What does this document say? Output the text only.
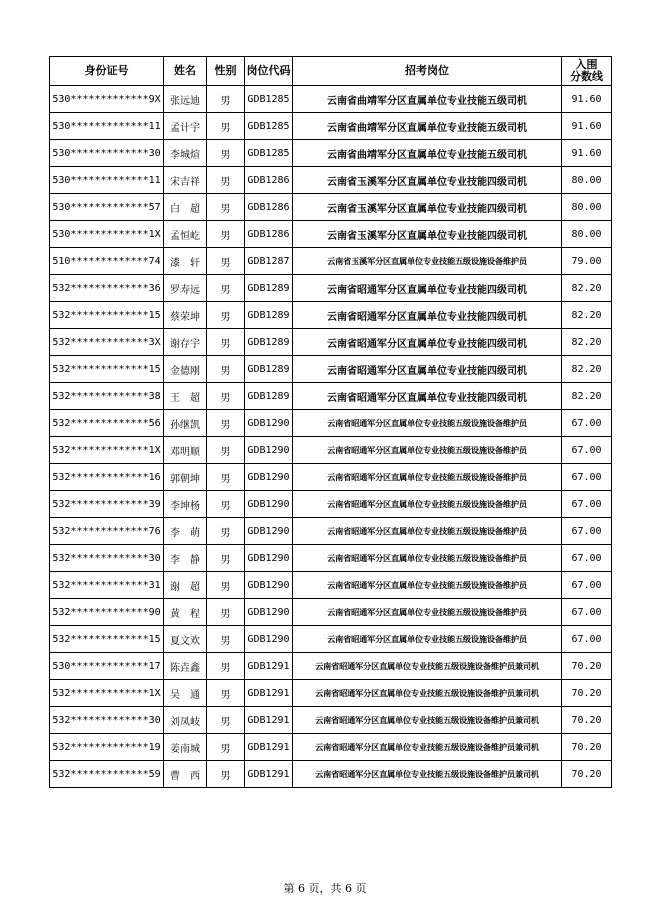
身份证号	姓名	性别	岗位代码	招考岗位	入围
分数线

530*************9X	张远迪	男	GDB1285	云南省曲靖军分区直属单位专业技能五级司机	91.60
530*************11	孟计宇	男	GDB1285	云南省曲靖军分区直属单位专业技能五级司机	91.60
530*************30	李城煊	男	GDB1285	云南省曲靖军分区直属单位专业技能五级司机	91.60
530*************11	宋吉祥	男	GDB1286	云南省玉溪军分区直属单位专业技能四级司机	80.00
530*************57	白　超	男	GDB1286	云南省玉溪军分区直属单位专业技能四级司机	80.00
530*************1X	孟恒屹	男	GDB1286	云南省玉溪军分区直属单位专业技能四级司机	80.00
510*************74	漆　轩	男	GDB1287	云南省玉溪军分区直属单位专业技能五级设施设备维护员	79.00
532*************36	罗寿远	男	GDB1289	云南省昭通军分区直属单位专业技能四级司机	82.20
532*************15	蔡荣坤	男	GDB1289	云南省昭通军分区直属单位专业技能四级司机	82.20
532*************3X	谢存宇	男	GDB1289	云南省昭通军分区直属单位专业技能四级司机	82.20
532*************15	金德刚	男	GDB1289	云南省昭通军分区直属单位专业技能四级司机	82.20
532*************38	王　超	男	GDB1289	云南省昭通军分区直属单位专业技能四级司机	82.20
532*************56	孙继凯	男	GDB1290	云南省昭通军分区直属单位专业技能五级设施设备维护员	67.00
532*************1X	邓明顺	男	GDB1290	云南省昭通军分区直属单位专业技能五级设施设备维护员	67.00
532*************16	郭朝坤	男	GDB1290	云南省昭通军分区直属单位专业技能五级设施设备维护员	67.00
532*************39	李坤杨	男	GDB1290	云南省昭通军分区直属单位专业技能五级设施设备维护员	67.00
532*************76	李　萌	男	GDB1290	云南省昭通军分区直属单位专业技能五级设施设备维护员	67.00
532*************30	李　静	男	GDB1290	云南省昭通军分区直属单位专业技能五级设施设备维护员	67.00
532*************31	谢　超	男	GDB1290	云南省昭通军分区直属单位专业技能五级设施设备维护员	67.00
532*************90	黄　程	男	GDB1290	云南省昭通军分区直属单位专业技能五级设施设备维护员	67.00
532*************15	夏文欢	男	GDB1290	云南省昭通军分区直属单位专业技能五级设施设备维护员	67.00
530*************17	陈垚鑫	男	GDB1291	云南省昭通军分区直属单位专业技能五级设施设备维护员兼司机	70.20
532*************1X	吴　通	男	GDB1291	云南省昭通军分区直属单位专业技能五级设施设备维护员兼司机	70.20
532*************30	刘凤岐	男	GDB1291	云南省昭通军分区直属单位专业技能五级设施设备维护员兼司机	70.20
532*************19	姜南城	男	GDB1291	云南省昭通军分区直属单位专业技能五级设施设备维护员兼司机	70.20
532*************59	曹　西	男	GDB1291	云南省昭通军分区直属单位专业技能五级设施设备维护员兼司机	70.20
第 6 页，共 6 页
